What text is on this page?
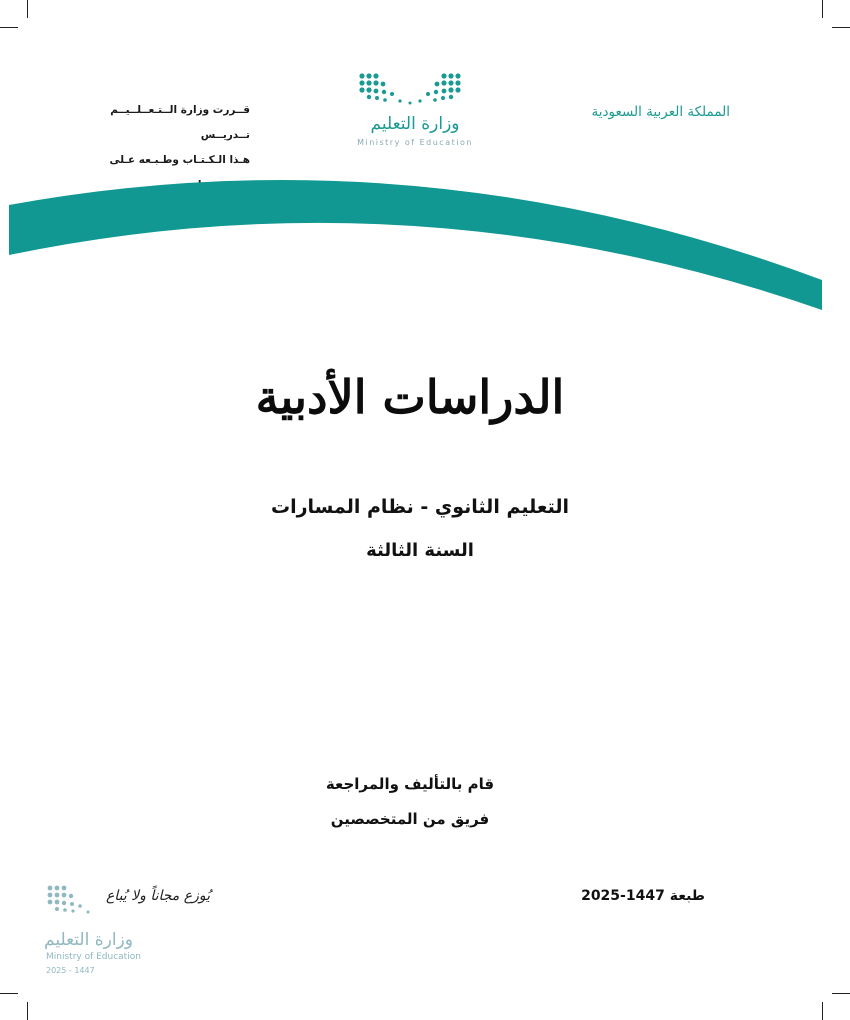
المملكة العربية السعودية
قــررت وزارة الــتـعــلــيــم تــدريــس
هـذا الـكـتـاب وطـبـعه عـلى
وزارة التعليم
Ministry of Education
الدراسات الأدبية
التعليم الثانوي - نظام المسارات
السنة الثالثة
قام بالتأليف والمراجعة
فريق من المتخصصين
طبعة 1447-2025
يُوزع مجاناً ولا يُباع
وزارة التعليم
Ministry of Education
2025 - 1447
